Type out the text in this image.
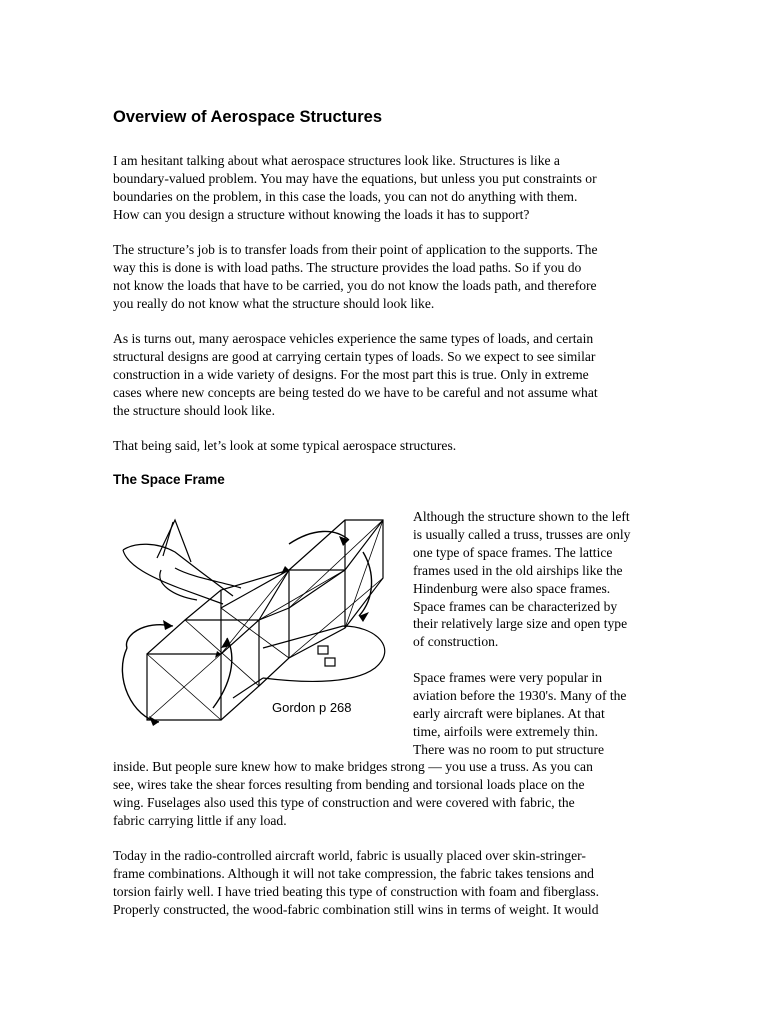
Overview of Aerospace Structures

I am hesitant talking about what aerospace structures look like. Structures is like a
boundary-valued problem. You may have the equations, but unless you put constraints or
boundaries on the problem, in this case the loads, you can not do anything with them.
How can you design a structure without knowing the loads it has to support?

The structure’s job is to transfer loads from their point of application to the supports. The
way this is done is with load paths. The structure provides the load paths. So if you do
not know the loads that have to be carried, you do not know the loads path, and therefore
you really do not know what the structure should look like.

As is turns out, many aerospace vehicles experience the same types of loads, and certain
structural designs are good at carrying certain types of loads. So we expect to see similar
construction in a wide variety of designs. For the most part this is true. Only in extreme
cases where new concepts are being tested do we have to be careful and not assume what
the structure should look like.

That being said, let’s look at some typical aerospace structures.

The Space Frame
Gordon p 268

Although the structure shown to the left
is usually called a truss, trusses are only
one type of space frames. The lattice
frames used in the old airships like the
Hindenburg were also space frames.
Space frames can be characterized by
their relatively large size and open type
of construction.

Space frames were very popular in
aviation before the 1930's. Many of the
early aircraft were biplanes. At that
time, airfoils were extremely thin.
There was no room to put structure

inside. But people sure knew how to make bridges strong — you use a truss. As you can
see, wires take the shear forces resulting from bending and torsional loads place on the
wing. Fuselages also used this type of construction and were covered with fabric, the
fabric carrying little if any load.

Today in the radio-controlled aircraft world, fabric is usually placed over skin-stringer-
frame combinations. Although it will not take compression, the fabric takes tensions and
torsion fairly well. I have tried beating this type of construction with foam and fiberglass.
Properly constructed, the wood-fabric combination still wins in terms of weight. It would
